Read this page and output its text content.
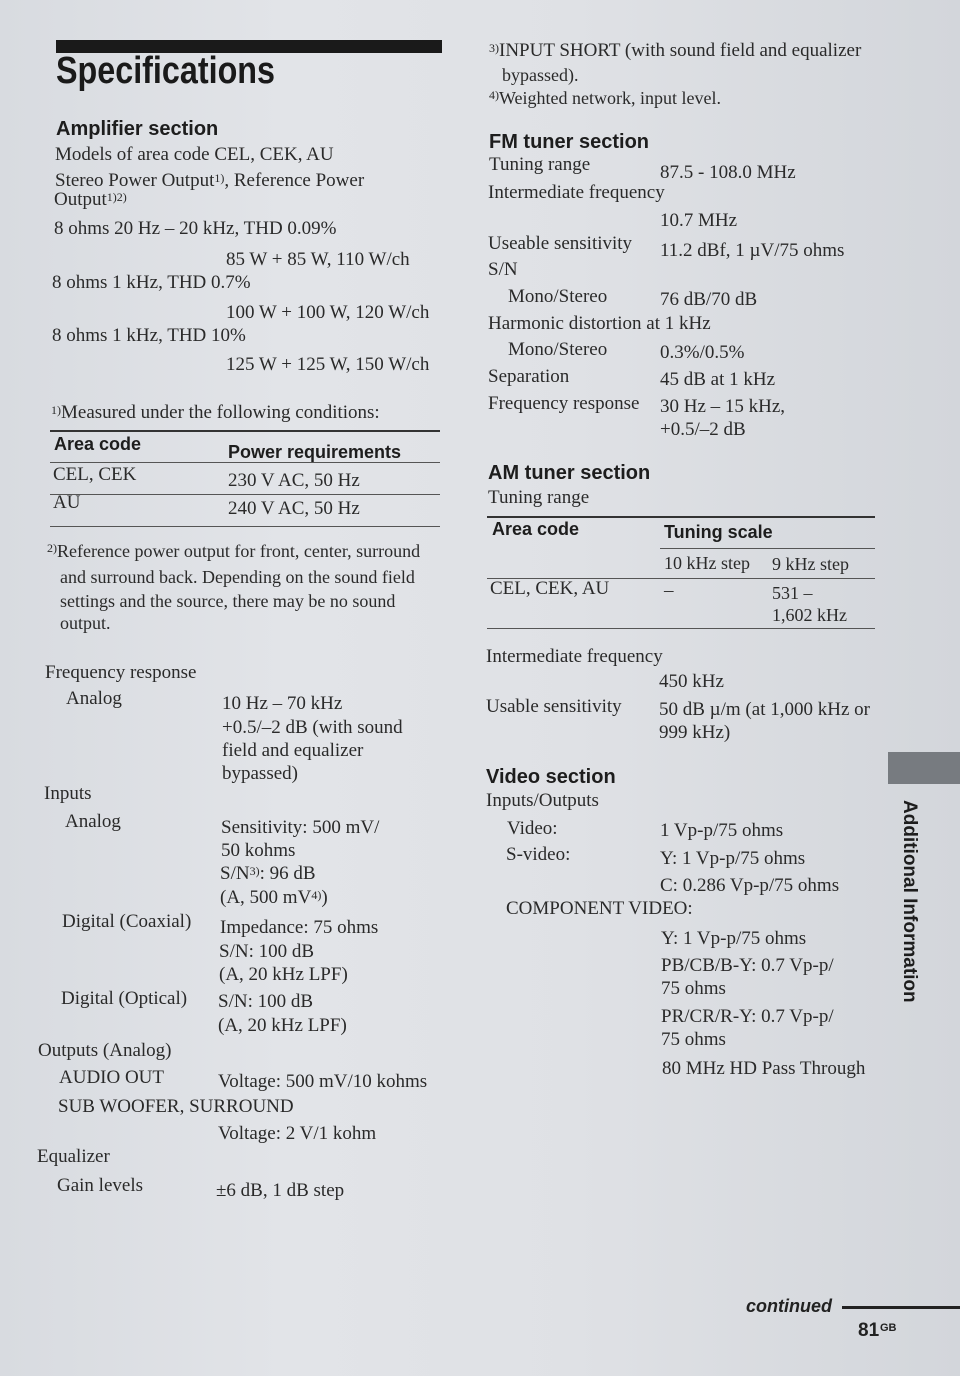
Specifications
Amplifier section
Models of area code CEL, CEK, AU
Stereo Power Output$^{1)}$, Reference Power
Output$^{1)2)}$
8 ohms 20 Hz – 20 kHz, THD 0.09%
85 W + 85 W, 110 W/ch
8 ohms 1 kHz, THD 0.7%
100 W + 100 W, 120 W/ch
8 ohms 1 kHz, THD 10%
125 W + 125 W, 150 W/ch
$^{1)}$Measured under the following conditions:
Area code	Power requirements
CEL, CEK	230 V AC, 50 Hz
AU	240 V AC, 50 Hz
$^{2)}$Reference power output for front, center, surround
and surround back. Depending on the sound field
settings and the source, there may be no sound
output.
Frequency response
Analog	10 Hz – 70 kHz
+0.5/–2 dB (with sound
field and equalizer
bypassed)
Inputs
Analog	Sensitivity: 500 mV/
50 kohms
$S/N^{3)}$: 96 dB
(A, 500 $mV^{4)}$)
Digital (Coaxial) Impedance: 75 ohms
S/N: 100 dB
(A, 20 kHz LPF)
Digital (Optical) S/N: 100 dB
(A, 20 kHz LPF)
Outputs (Analog)
AUDIO OUT	Voltage: 500 mV/10 kohms
SUB WOOFER, SURROUND
Voltage: 2 V/1 kohm
Equalizer
Gain levels	±6 dB, 1 dB step
$^{3)}$INPUT SHORT (with sound field and equalizer
bypassed).
$^{4)}$Weighted network, input level.
FM tuner section
Tuning range	87.5 - 108.0 MHz
Intermediate frequency
10.7 MHz
Useable sensitivity 11.2 dBf, 1 µV/75 ohms
S/N
Mono/Stereo	76 dB/70 dB
Harmonic distortion at 1 kHz
Mono/Stereo	0.3%/0.5%
Separation	45 dB at 1 kHz
Frequency response 30 Hz – 15 kHz,
+0.5/–2 dB
AM tuner section
Tuning range
Area code	Tuning scale
10 kHz step 9 kHz step
CEL, CEK, AU	–	531 –
1,602 kHz
Intermediate frequency
450 kHz
Usable sensitivity 50 dB µ/m (at 1,000 kHz or
999 kHz)
Video section
Inputs/Outputs
Video:	1 Vp-p/75 ohms
S-video:	Y: 1 Vp-p/75 ohms
C: 0.286 Vp-p/75 ohms
COMPONENT VIDEO:
Y: 1 Vp-p/75 ohms
PB/CB/B-Y: 0.7 Vp-p/
75 ohms
PR/CR/R-Y: 0.7 Vp-p/
75 ohms
80 MHz HD Pass Through
Additional Information
continued
81 GB
